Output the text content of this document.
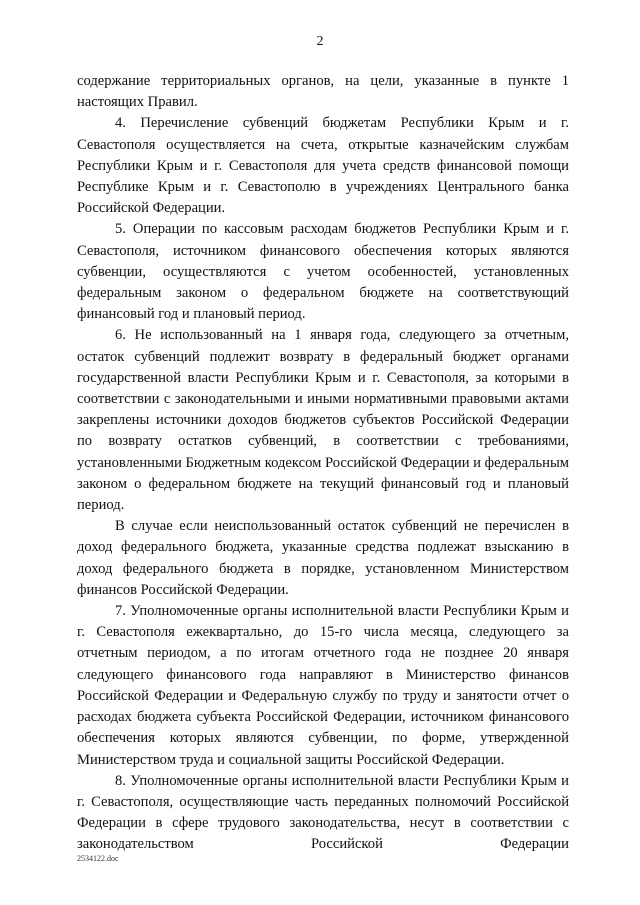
2

содержание территориальных органов, на цели, указанные в пункте 1 настоящих Правил.

4. Перечисление субвенций бюджетам Республики Крым и г. Севастополя осуществляется на счета, открытые казначейским службам Республики Крым и г. Севастополя для учета средств финансовой помощи Республике Крым и г. Севастополю в учреждениях Центрального банка Российской Федерации.

5. Операции по кассовым расходам бюджетов Республики Крым и г. Севастополя, источником финансового обеспечения которых являются субвенции, осуществляются с учетом особенностей, установленных федеральным законом о федеральном бюджете на соответствующий финансовый год и плановый период.

6. Не использованный на 1 января года, следующего за отчетным, остаток субвенций подлежит возврату в федеральный бюджет органами государственной власти Республики Крым и г. Севастополя, за которыми в соответствии с законодательными и иными нормативными правовыми актами закреплены источники доходов бюджетов субъектов Российской Федерации по возврату остатков субвенций, в соответствии с требованиями, установленными Бюджетным кодексом Российской Федерации и федеральным законом о федеральном бюджете на текущий финансовый год и плановый период.

В случае если неиспользованный остаток субвенций не перечислен в доход федерального бюджета, указанные средства подлежат взысканию в доход федерального бюджета в порядке, установленном Министерством финансов Российской Федерации.

7. Уполномоченные органы исполнительной власти Республики Крым и г. Севастополя ежеквартально, до 15-го числа месяца, следующего за отчетным периодом, а по итогам отчетного года не позднее 20 января следующего финансового года направляют в Министерство финансов Российской Федерации и Федеральную службу по труду и занятости отчет о расходах бюджета субъекта Российской Федерации, источником финансового обеспечения которых являются субвенции, по форме, утвержденной Министерством труда и социальной защиты Российской Федерации.

8. Уполномоченные органы исполнительной власти Республики Крым и г. Севастополя, осуществляющие часть переданных полномочий Российской Федерации в сфере трудового законодательства, несут в соответствии с законодательством Российской Федерации

2534122.doc
